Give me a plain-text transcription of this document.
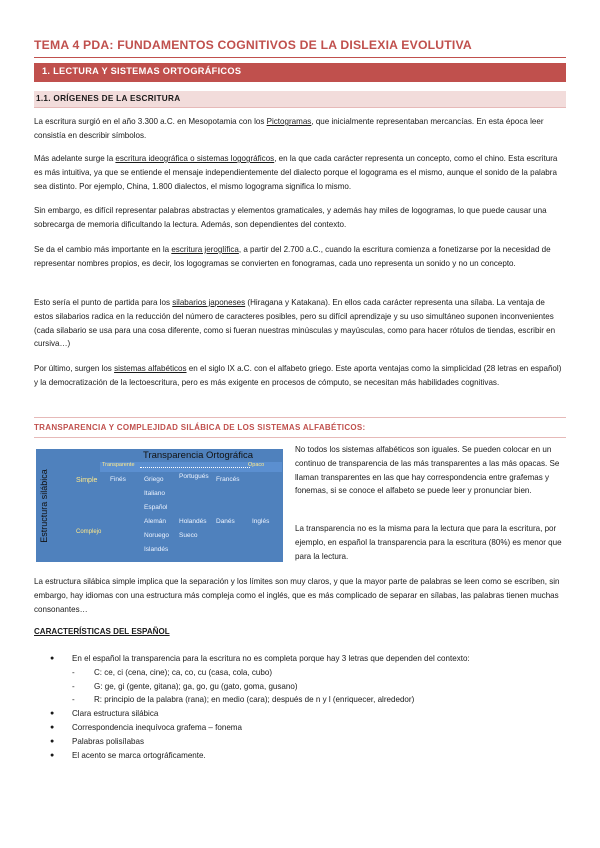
TEMA 4 PDA: FUNDAMENTOS COGNITIVOS DE LA DISLEXIA EVOLUTIVA
1. LECTURA Y SISTEMAS ORTOGRÁFICOS
1.1. ORÍGENES DE LA ESCRITURA

La escritura surgió en el año 3.300 a.C. en Mesopotamia con los Pictogramas, que inicialmente representaban mercancías. En esta época leer consistía en describir símbolos.

Más adelante surge la escritura ideográfica o sistemas logográficos, en la que cada carácter representa un concepto, como el chino. Esta escritura es más intuitiva, ya que se entiende el mensaje independientemente del dialecto porque el logograma es el mismo, aunque el sonido de la palabra sea distinto. Por ejemplo, China, 1.800 dialectos, el mismo logograma significa lo mismo.

Sin embargo, es difícil representar palabras abstractas y elementos gramaticales, y además hay miles de logogramas, lo que puede causar una sobrecarga de memoria dificultando la lectura. Además, son dependientes del contexto.

Se da el cambio más importante en la escritura jeroglífica, a partir del 2.700 a.C., cuando la escritura comienza a fonetizarse por la necesidad de representar nombres propios, es decir, los logogramas se convierten en fonogramas, cada uno representa un sonido y no un concepto.

Esto sería el punto de partida para los silabarios japoneses (Hiragana y Katakana). En ellos cada carácter representa una sílaba. La ventaja de estos silabarios radica en la reducción del número de caracteres posibles, pero su difícil aprendizaje y su uso simultáneo suponen inconvenientes (cada silabario se usa para una cosa diferente, como si fueran nuestras minúsculas y mayúsculas, como para hacer rótulos de tiendas, escribir en cursiva…)

Por último, surgen los sistemas alfabéticos en el siglo IX a.C. con el alfabeto griego. Este aporta ventajas como la simplicidad (28 letras en español) y la democratización de la lectoescritura, pero es más exigente en procesos de cómputo, se necesitan más habilidades cognitivas.

TRANSPARENCIA Y COMPLEJIDAD SILÁBICA DE LOS SISTEMAS ALFABÉTICOS:
Transparencia Ortográfica
Transparente	Opaco
Estructura silábica	Simple
Complejo
Finés	Griego
Italiano
Español
Alemán
Noruego
Islandés
Portugués Francés
Holandés
Sueco
Danés	Inglés

No todos los sistemas alfabéticos son iguales. Se pueden colocar en un continuo de transparencia de las más transparentes a las más opacas. Se llaman transparentes en las que hay correspondencia entre grafemas y fonemas, si se conoce el alfabeto se puede leer y pronunciar bien.

La transparencia no es la misma para la lectura que para la escritura, por ejemplo, en español la transparencia para la escritura (80%) es menor que para la lectura.

La estructura silábica simple implica que la separación y los límites son muy claros, y que la mayor parte de palabras se leen como se escriben, sin embargo, hay idiomas con una estructura más compleja como el inglés, que es más complicado de separar en sílabas, las palabras tienen muchas consonantes…

CARACTERÍSTICAS DEL ESPAÑOL
● En el español la transparencia para la escritura no es completa porque hay 3 letras que dependen del contexto:
- C: ce, ci (cena, cine); ca, co, cu (casa, cola, cubo)
- G: ge, gi (gente, gitana); ga, go, gu (gato, goma, gusano)
- R: principio de la palabra (rana); en medio (cara); después de n y l (enriquecer, alrededor)
● Clara estructura silábica
● Correspondencia inequívoca grafema – fonema
● Palabras polisílabas
● El acento se marca ortográficamente.
